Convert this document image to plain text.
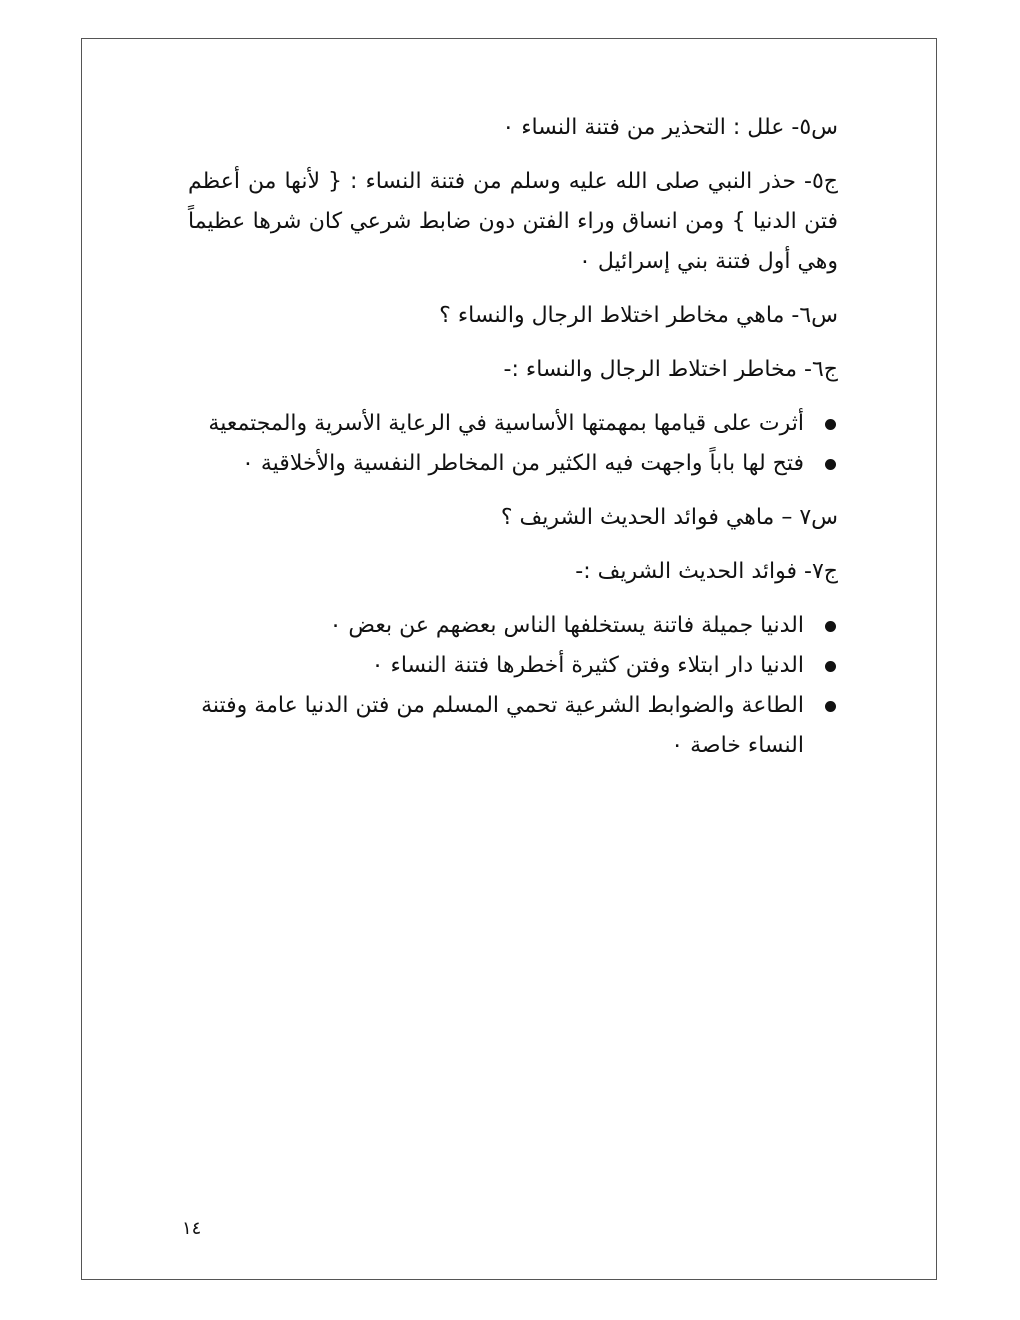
س٥- علل : التحذير من فتنة النساء ٠

ج٥- حذر النبي صلى الله عليه وسلم من فتنة النساء : { لأنها من أعظم فتن الدنيا } ومن انساق وراء الفتن دون ضابط شرعي كان شرها عظيماً وهي أول فتنة بني إسرائيل ٠

س٦- ماهي مخاطر اختلاط الرجال والنساء ؟

ج٦- مخاطر اختلاط الرجال والنساء :-

أثرت على قيامها بمهمتها الأساسية في الرعاية الأسرية والمجتمعية
فتح لها باباً واجهت فيه الكثير من المخاطر النفسية والأخلاقية ٠

س٧ – ماهي فوائد الحديث الشريف ؟

ج٧- فوائد الحديث الشريف :-

الدنيا جميلة فاتنة يستخلفها الناس بعضهم عن بعض ٠
الدنيا دار ابتلاء وفتن كثيرة أخطرها فتنة النساء ٠
الطاعة والضوابط الشرعية تحمي المسلم من فتن الدنيا عامة وفتنة النساء خاصة ٠
١٤
